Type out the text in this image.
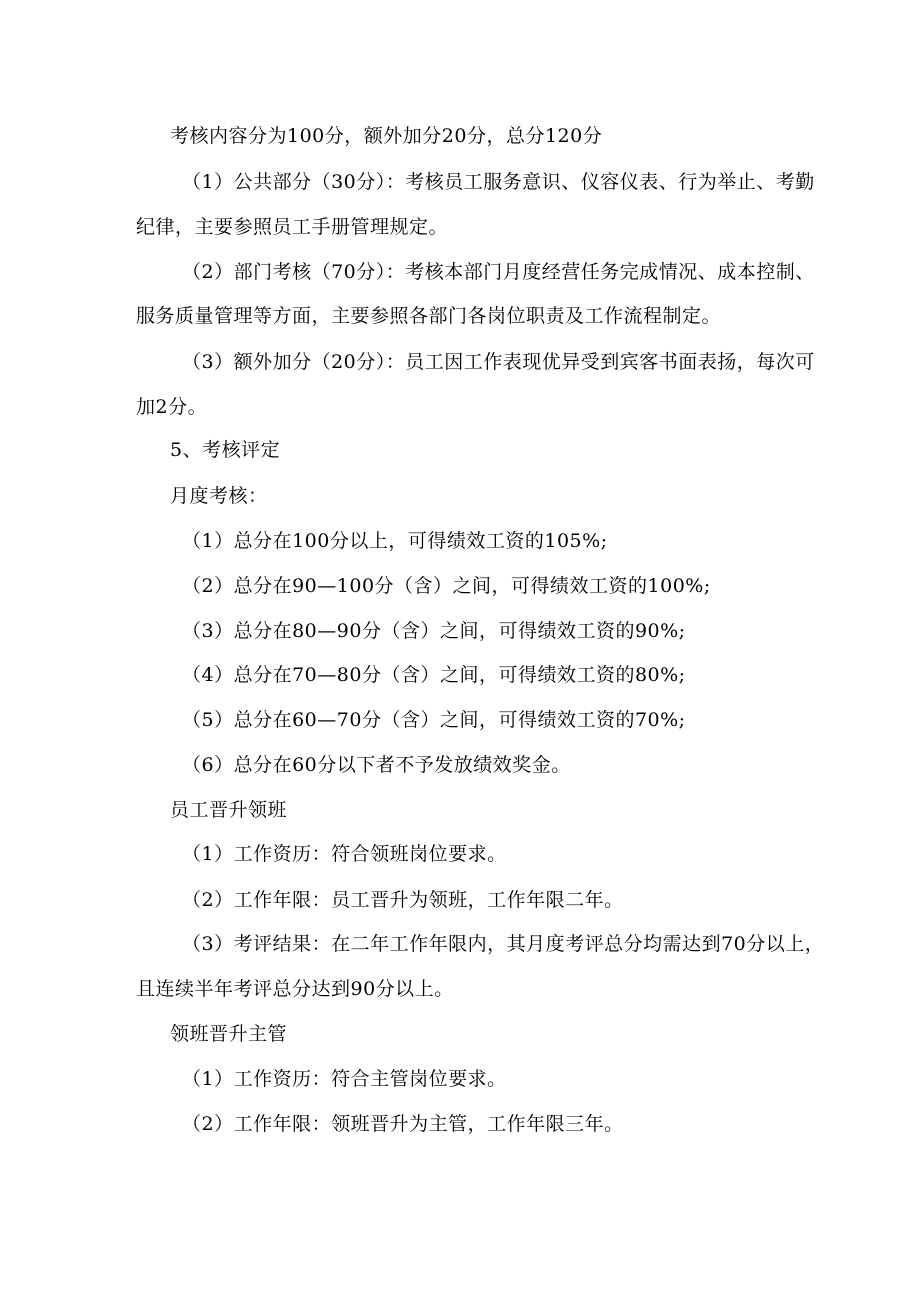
考核内容分为100分，额外加分20分，总分120分
（1）公共部分（30分）：考核员工服务意识、仪容仪表、行为举止、考勤
纪律，主要参照员工手册管理规定。
（2）部门考核（70分）：考核本部门月度经营任务完成情况、成本控制、
服务质量管理等方面，主要参照各部门各岗位职责及工作流程制定。
（3）额外加分（20分）：员工因工作表现优异受到宾客书面表扬，每次可
加2分。
5、考核评定
月度考核：
（1）总分在100分以上，可得绩效工资的105%;
（2）总分在90—100分（含）之间，可得绩效工资的100%;
（3）总分在80—90分（含）之间，可得绩效工资的90%;
（4）总分在70—80分（含）之间，可得绩效工资的80%;
（5）总分在60—70分（含）之间，可得绩效工资的70%;
（6）总分在60分以下者不予发放绩效奖金。
员工晋升领班
（1）工作资历：符合领班岗位要求。
（2）工作年限：员工晋升为领班，工作年限二年。
（3）考评结果：在二年工作年限内，其月度考评总分均需达到70分以上，
且连续半年考评总分达到90分以上。
领班晋升主管
（1）工作资历：符合主管岗位要求。
（2）工作年限：领班晋升为主管，工作年限三年。
